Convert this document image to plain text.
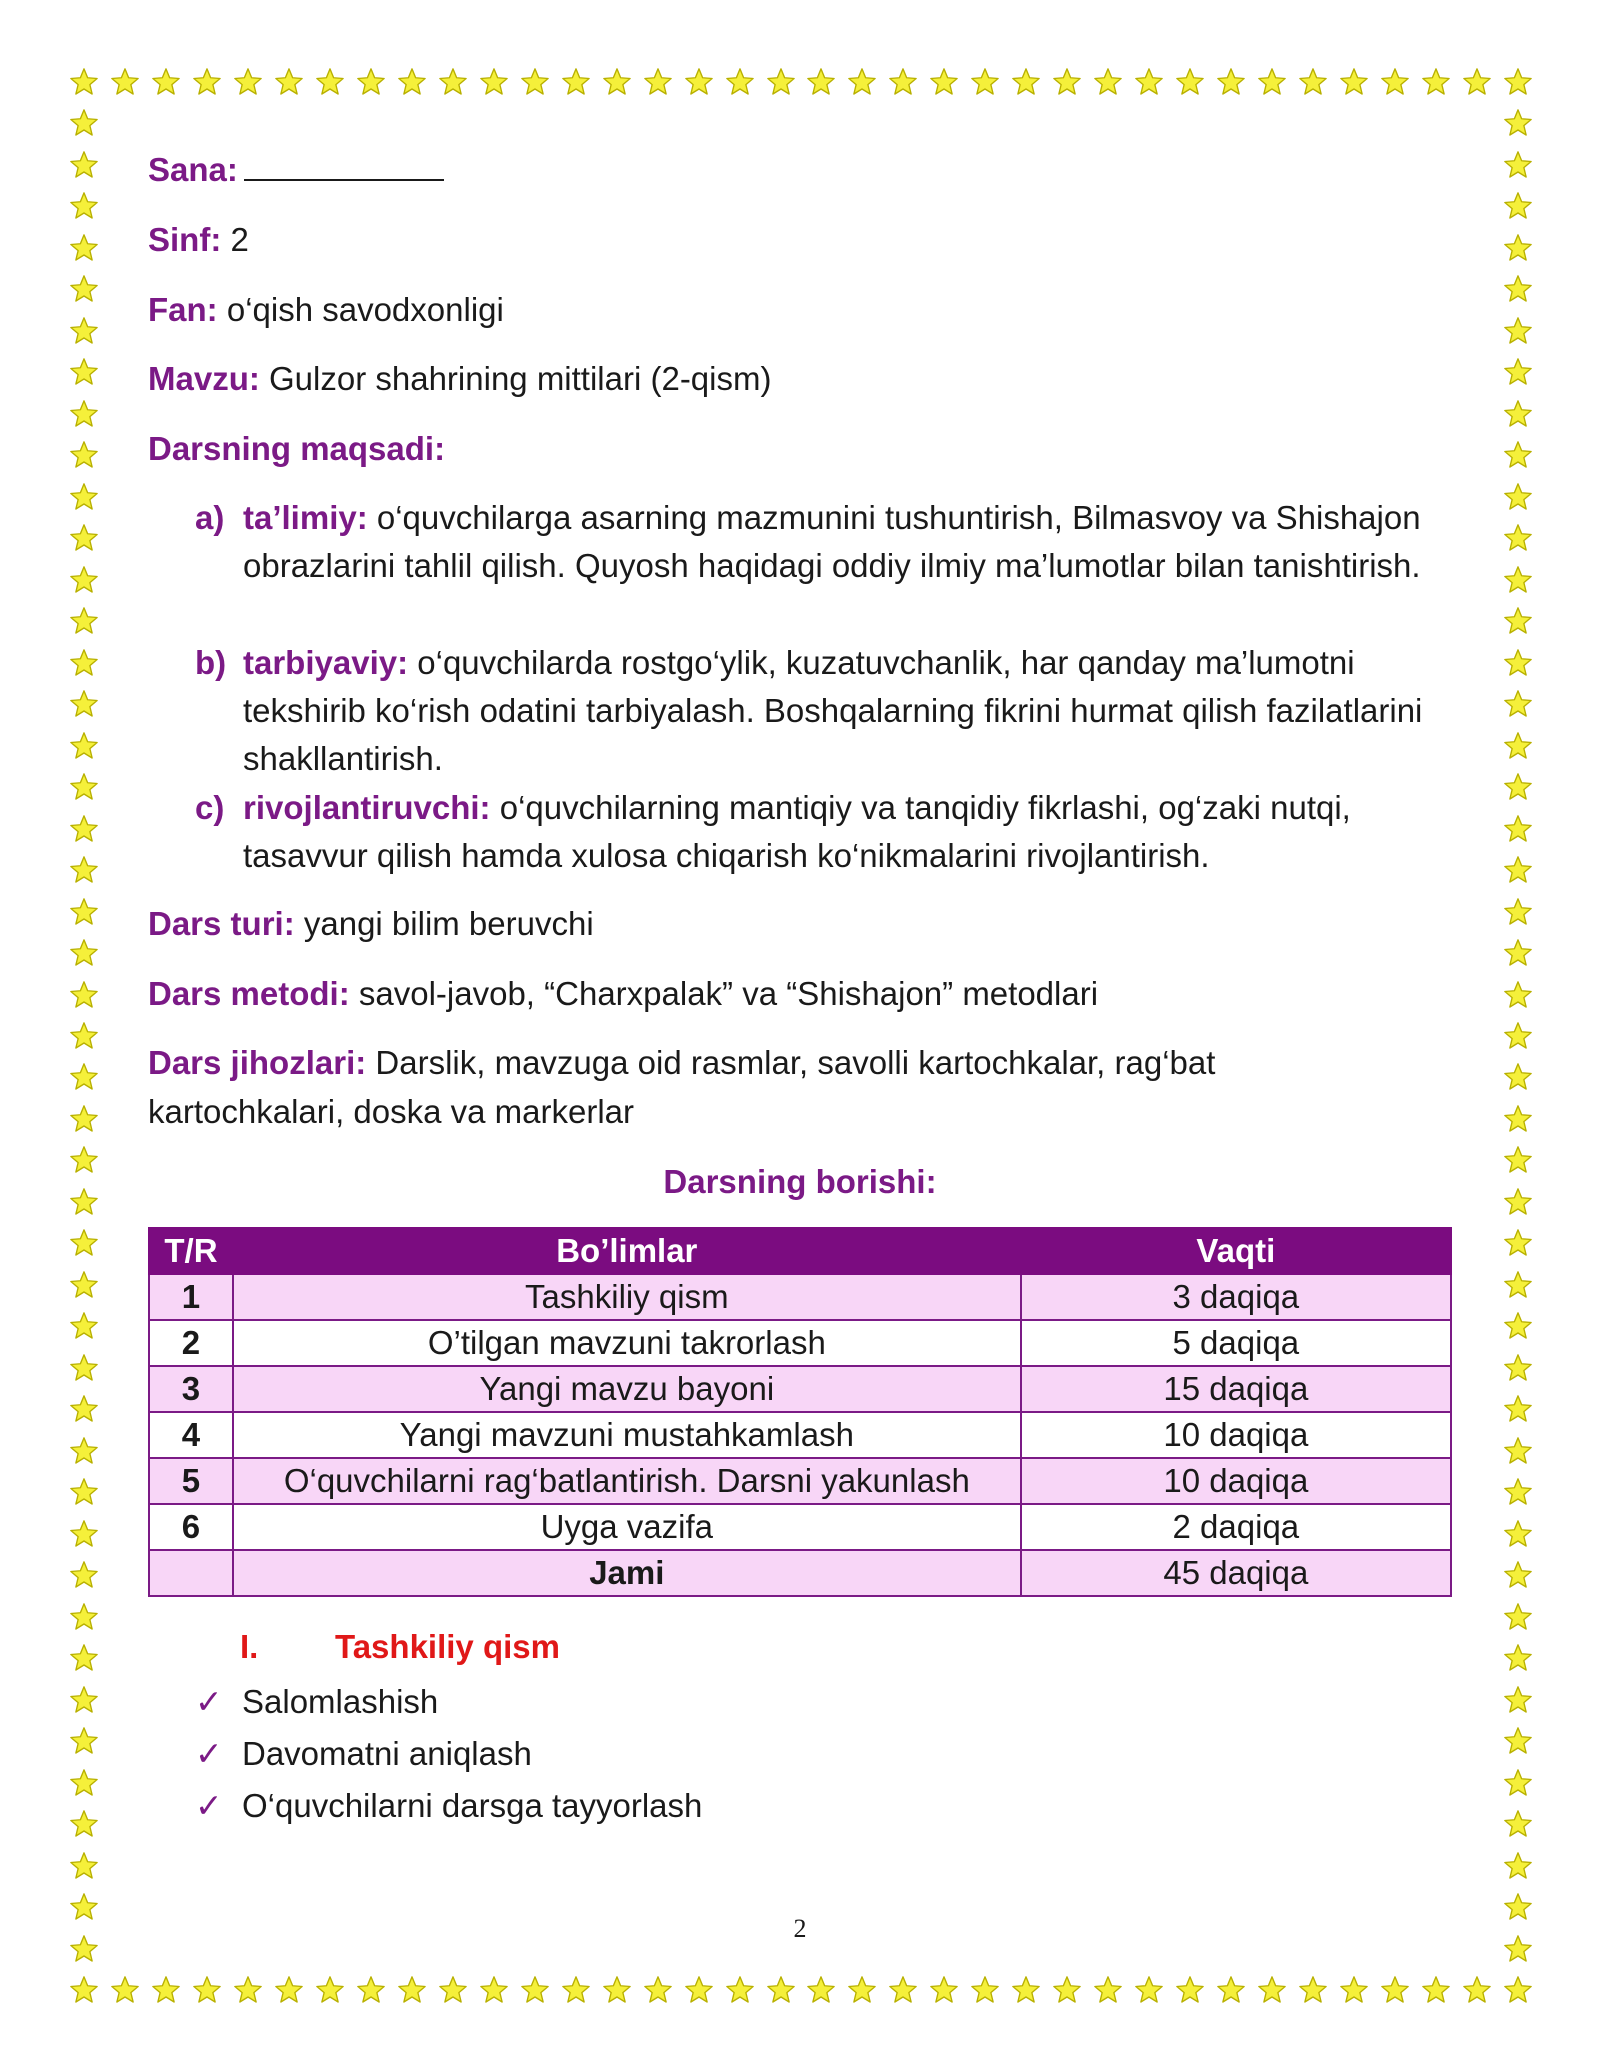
Sana:
Sinf: 2
Fan: o‘qish savodxonligi
Mavzu: Gulzor shahrining mittilari (2-qism)
Darsning maqsadi:
a) ta’limiy: o‘quvchilarga asarning mazmunini tushuntirish, Bilmasvoy va Shishajon obrazlarini tahlil qilish. Quyosh haqidagi oddiy ilmiy ma’lumotlar bilan tanishtirish.
b) tarbiyaviy: o‘quvchilarda rostgo‘ylik, kuzatuvchanlik, har qanday ma’lumotni tekshirib ko‘rish odatini tarbiyalash. Boshqalarning fikrini hurmat qilish fazilatlarini shakllantirish.
c) rivojlantiruvchi: o‘quvchilarning mantiqiy va tanqidiy fikrlashi, og‘zaki nutqi, tasavvur qilish hamda xulosa chiqarish ko‘nikmalarini rivojlantirish.
Dars turi: yangi bilim beruvchi
Dars metodi: savol-javob, “Charxpalak” va “Shishajon” metodlari
Dars jihozlari: Darslik, mavzuga oid rasmlar, savolli kartochkalar, rag‘bat
kartochkalari, doska va markerlar
Darsning borishi:
T/R	Bo’limlar	Vaqti
1	Tashkiliy qism	3 daqiqa
2	O’tilgan mavzuni takrorlash	5 daqiqa
3	Yangi mavzu bayoni	15 daqiqa
4	Yangi mavzuni mustahkamlash	10 daqiqa
5	O‘quvchilarni rag‘batlantirish. Darsni yakunlash	10 daqiqa
6	Uyga vazifa	2 daqiqa
	Jami	45 daqiqa
I. Tashkiliy qism
✓ Salomlashish
✓ Davomatni aniqlash
✓ O‘quvchilarni darsga tayyorlash
2
